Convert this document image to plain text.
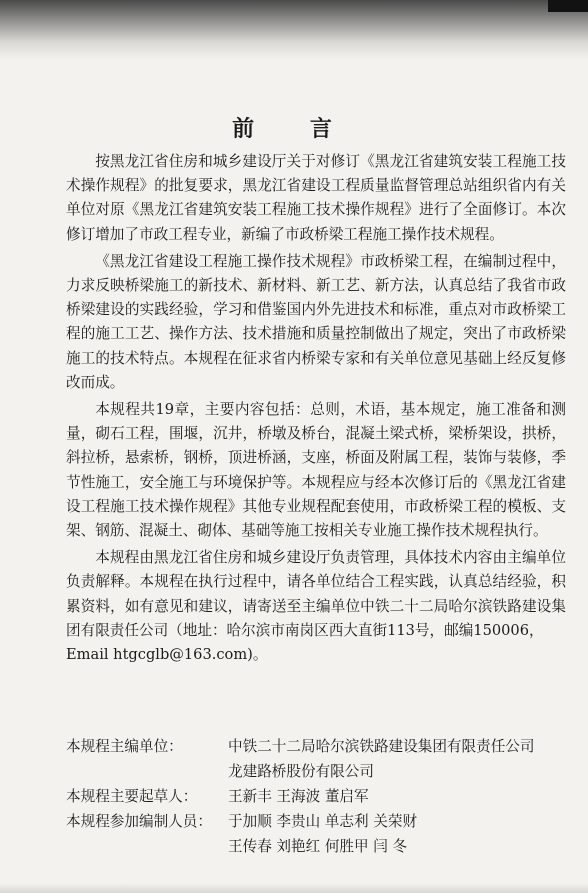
前 言

按黑龙江省住房和城乡建设厅关于对修订《黑龙江省建筑安装工程施工技术操作规程》的批复要求，黑龙江省建设工程质量监督管理总站组织省内有关单位对原《黑龙江省建筑安装工程施工技术操作规程》进行了全面修订。本次修订增加了市政工程专业，新编了市政桥梁工程施工操作技术规程。

《黑龙江省建设工程施工操作技术规程》市政桥梁工程，在编制过程中，力求反映桥梁施工的新技术、新材料、新工艺、新方法，认真总结了我省市政桥梁建设的实践经验，学习和借鉴国内外先进技术和标准，重点对市政桥梁工程的施工工艺、操作方法、技术措施和质量控制做出了规定，突出了市政桥梁施工的技术特点。本规程在征求省内桥梁专家和有关单位意见基础上经反复修改而成。

本规程共19章，主要内容包括：总则，术语，基本规定，施工准备和测量，砌石工程，围堰，沉井，桥墩及桥台，混凝土梁式桥，梁桥架设，拱桥，斜拉桥，悬索桥，钢桥，顶进桥涵，支座，桥面及附属工程，装饰与装修，季节性施工，安全施工与环境保护等。本规程应与经本次修订后的《黑龙江省建设工程施工技术操作规程》其他专业规程配套使用，市政桥梁工程的模板、支架、钢筋、混凝土、砌体、基础等施工按相关专业施工操作技术规程执行。

本规程由黑龙江省住房和城乡建设厅负责管理，具体技术内容由主编单位负责解释。本规程在执行过程中，请各单位结合工程实践，认真总结经验，积累资料，如有意见和建议，请寄送至主编单位中铁二十二局哈尔滨铁路建设集团有限责任公司（地址：哈尔滨市南岗区西大直街113号，邮编150006，

Email htgcglb@163.com)。
本规程主编单位：	中铁二十二局哈尔滨铁路建设集团有限责任公司
龙建路桥股份有限公司
本规程主要起草人：	王新丰 王海波 董启军
本规程参加编制人员：	于加顺 李贵山 单志利 关荣财
王传春 刘艳红 何胜甲 闫 冬
